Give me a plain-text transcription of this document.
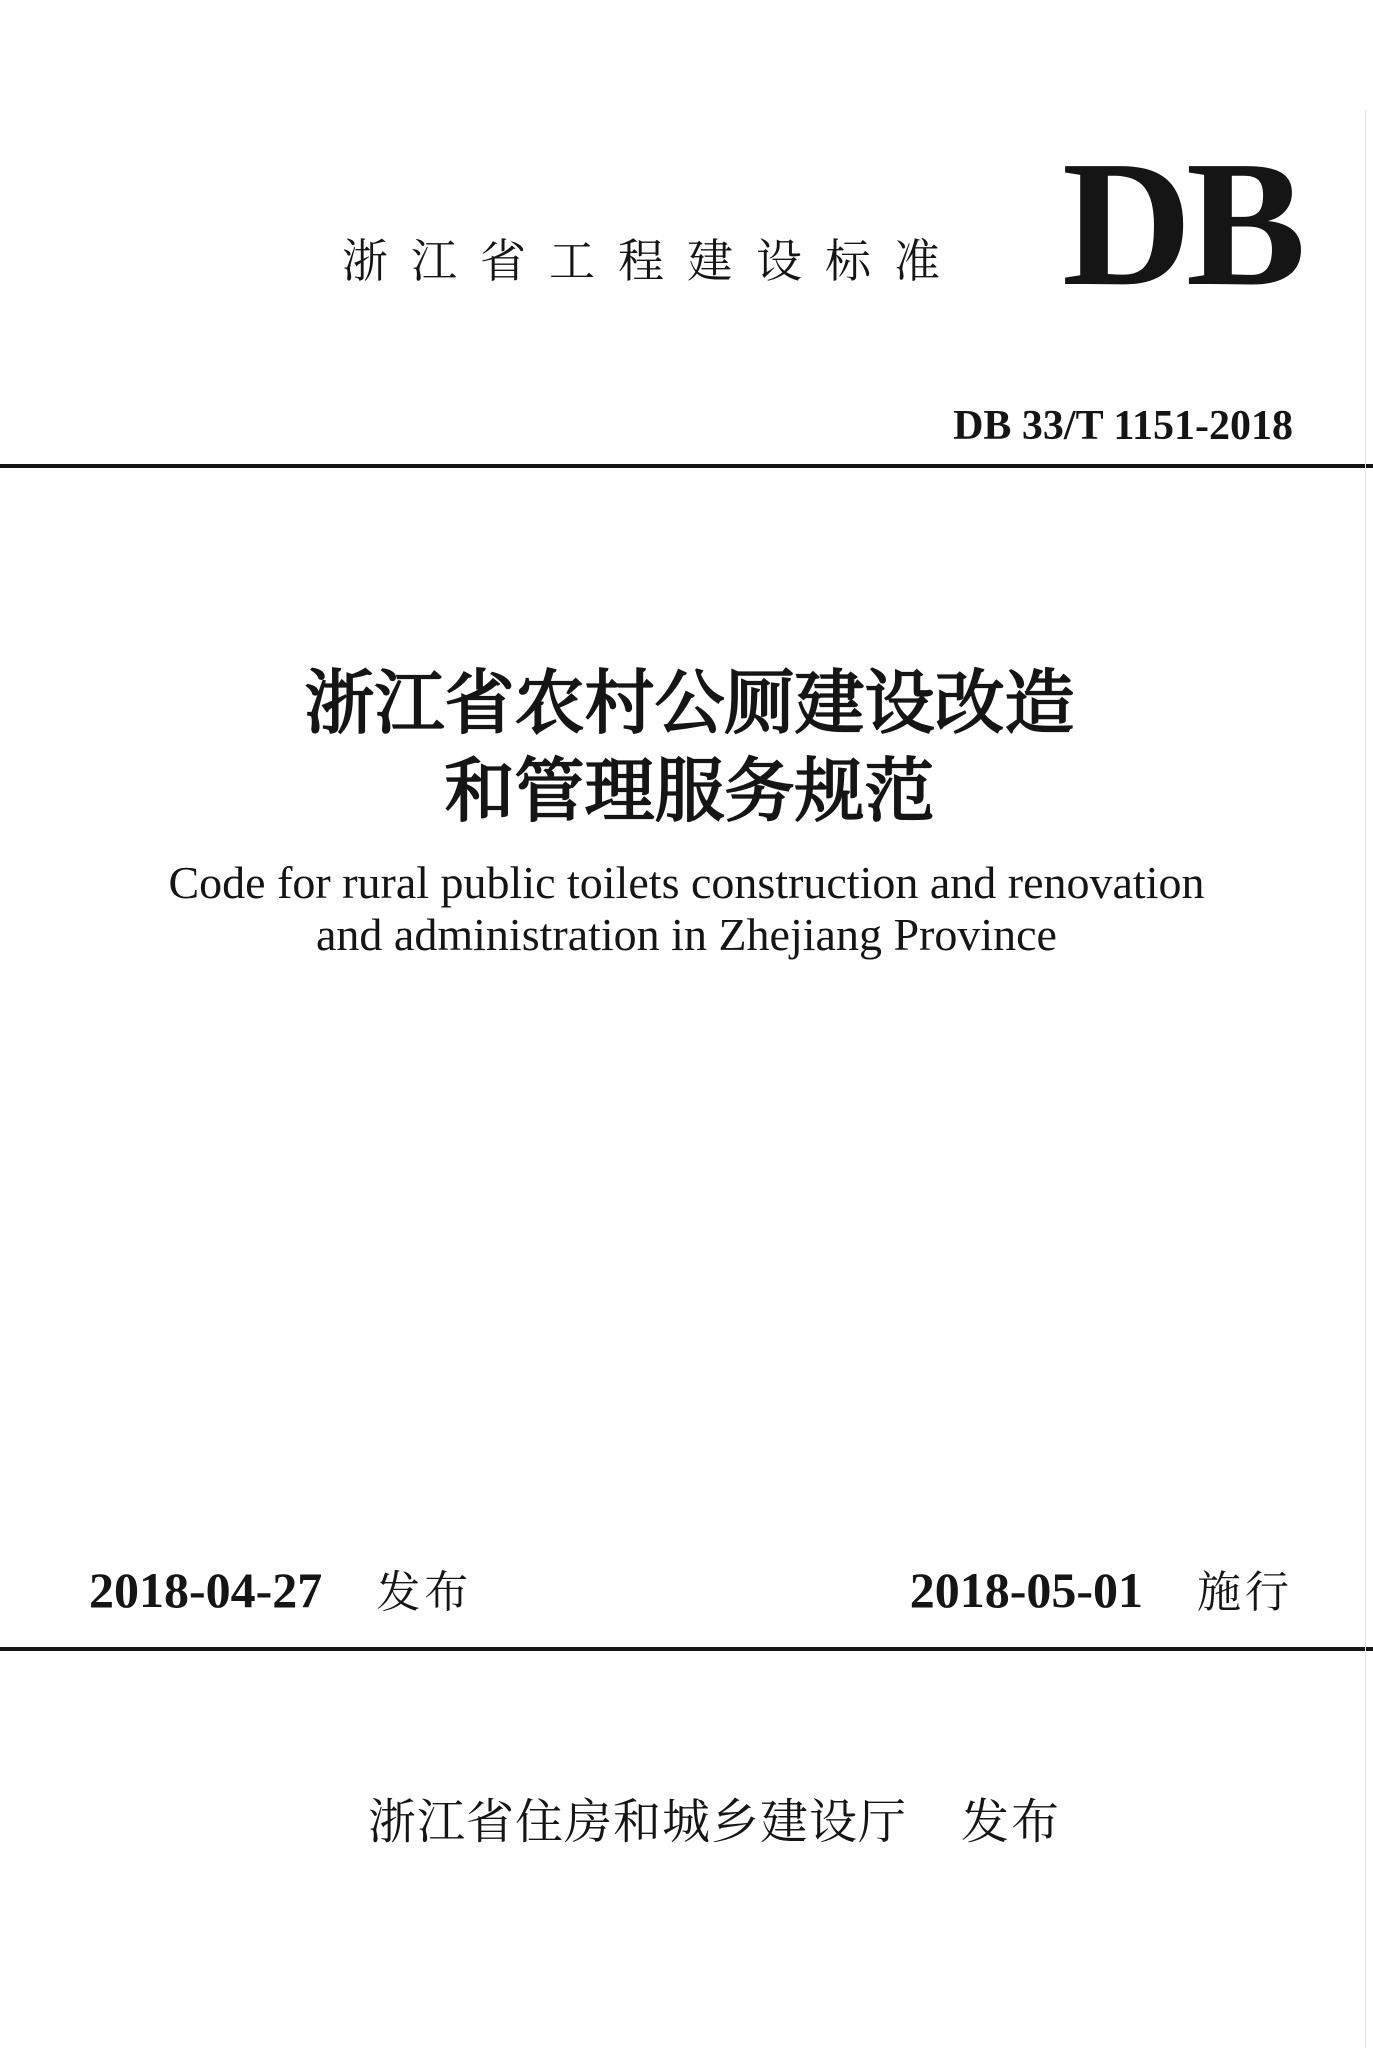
浙江省工程建设标准 DB
DB 33/T 1151-2018
浙江省农村公厕建设改造
和管理服务规范
Code for rural public toilets construction and renovation
and administration in Zhejiang Province
2018-04-27 发布	2018-05-01 施行
浙江省住房和城乡建设厅 发布
